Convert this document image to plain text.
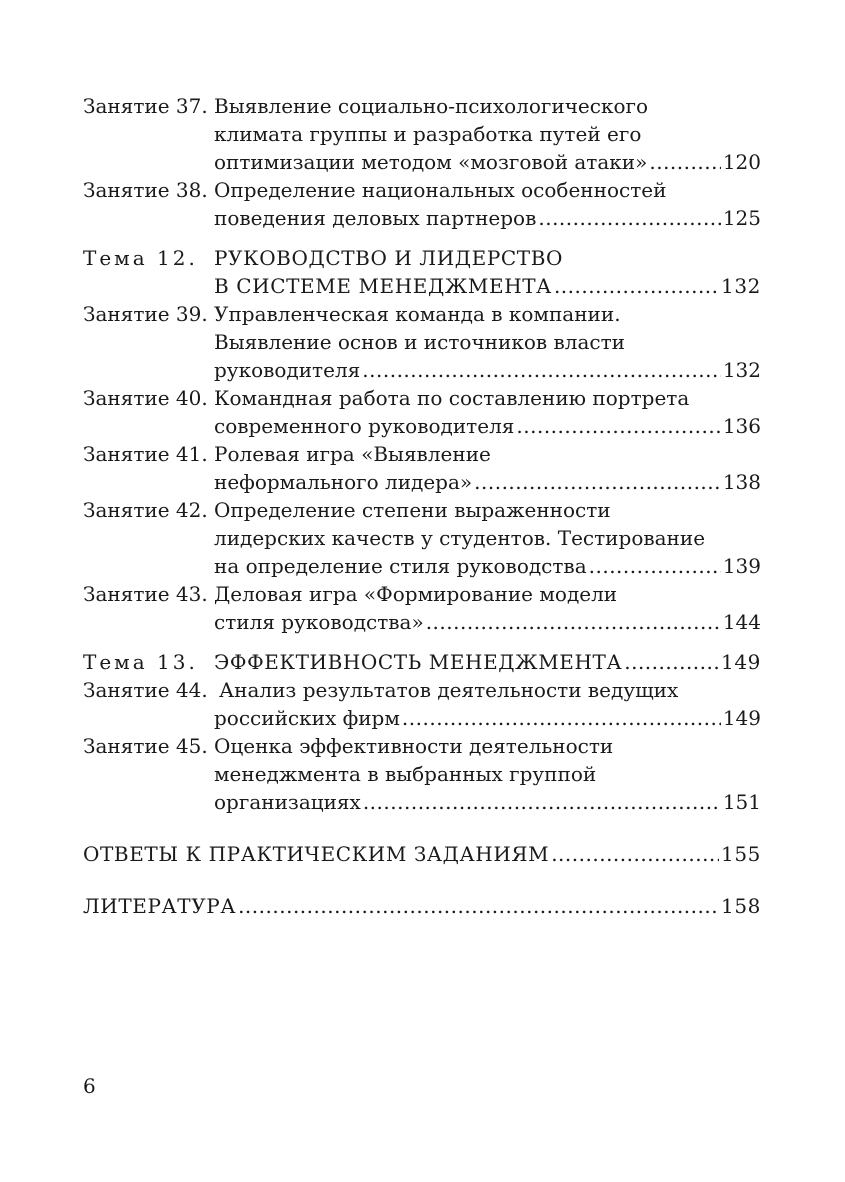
Занятие 37. Выявление социально-психологического
климата группы и разработка путей его
оптимизации методом «мозговой атаки» .....	120
Занятие 38. Определение национальных особенностей
поведения деловых партнеров .....	125
Тема 12. РУКОВОДСТВО И ЛИДЕРСТВО
В СИСТЕМЕ МЕНЕДЖМЕНТА .....	132
Занятие 39. Управленческая команда в компании.
Выявление основ и источников власти
руководителя .....	132
Занятие 40. Командная работа по составлению портрета
современного руководителя .....	136
Занятие 41. Ролевая игра «Выявление
неформального лидера» .....	138
Занятие 42. Определение степени выраженности
лидерских качеств у студентов. Тестирование
на определение стиля руководства .....	139
Занятие 43. Деловая игра «Формирование модели
стиля руководства» .....	144
Тема 13. ЭФФЕКТИВНОСТЬ МЕНЕДЖМЕНТА .....	149
Занятие 44. Анализ результатов деятельности ведущих
российских фирм .....	149
Занятие 45. Оценка эффективности деятельности
менеджмента в выбранных группой
организациях .....	151
ОТВЕТЫ К ПРАКТИЧЕСКИМ ЗАДАНИЯМ .....	155
ЛИТЕРАТУРА .....	158
6
